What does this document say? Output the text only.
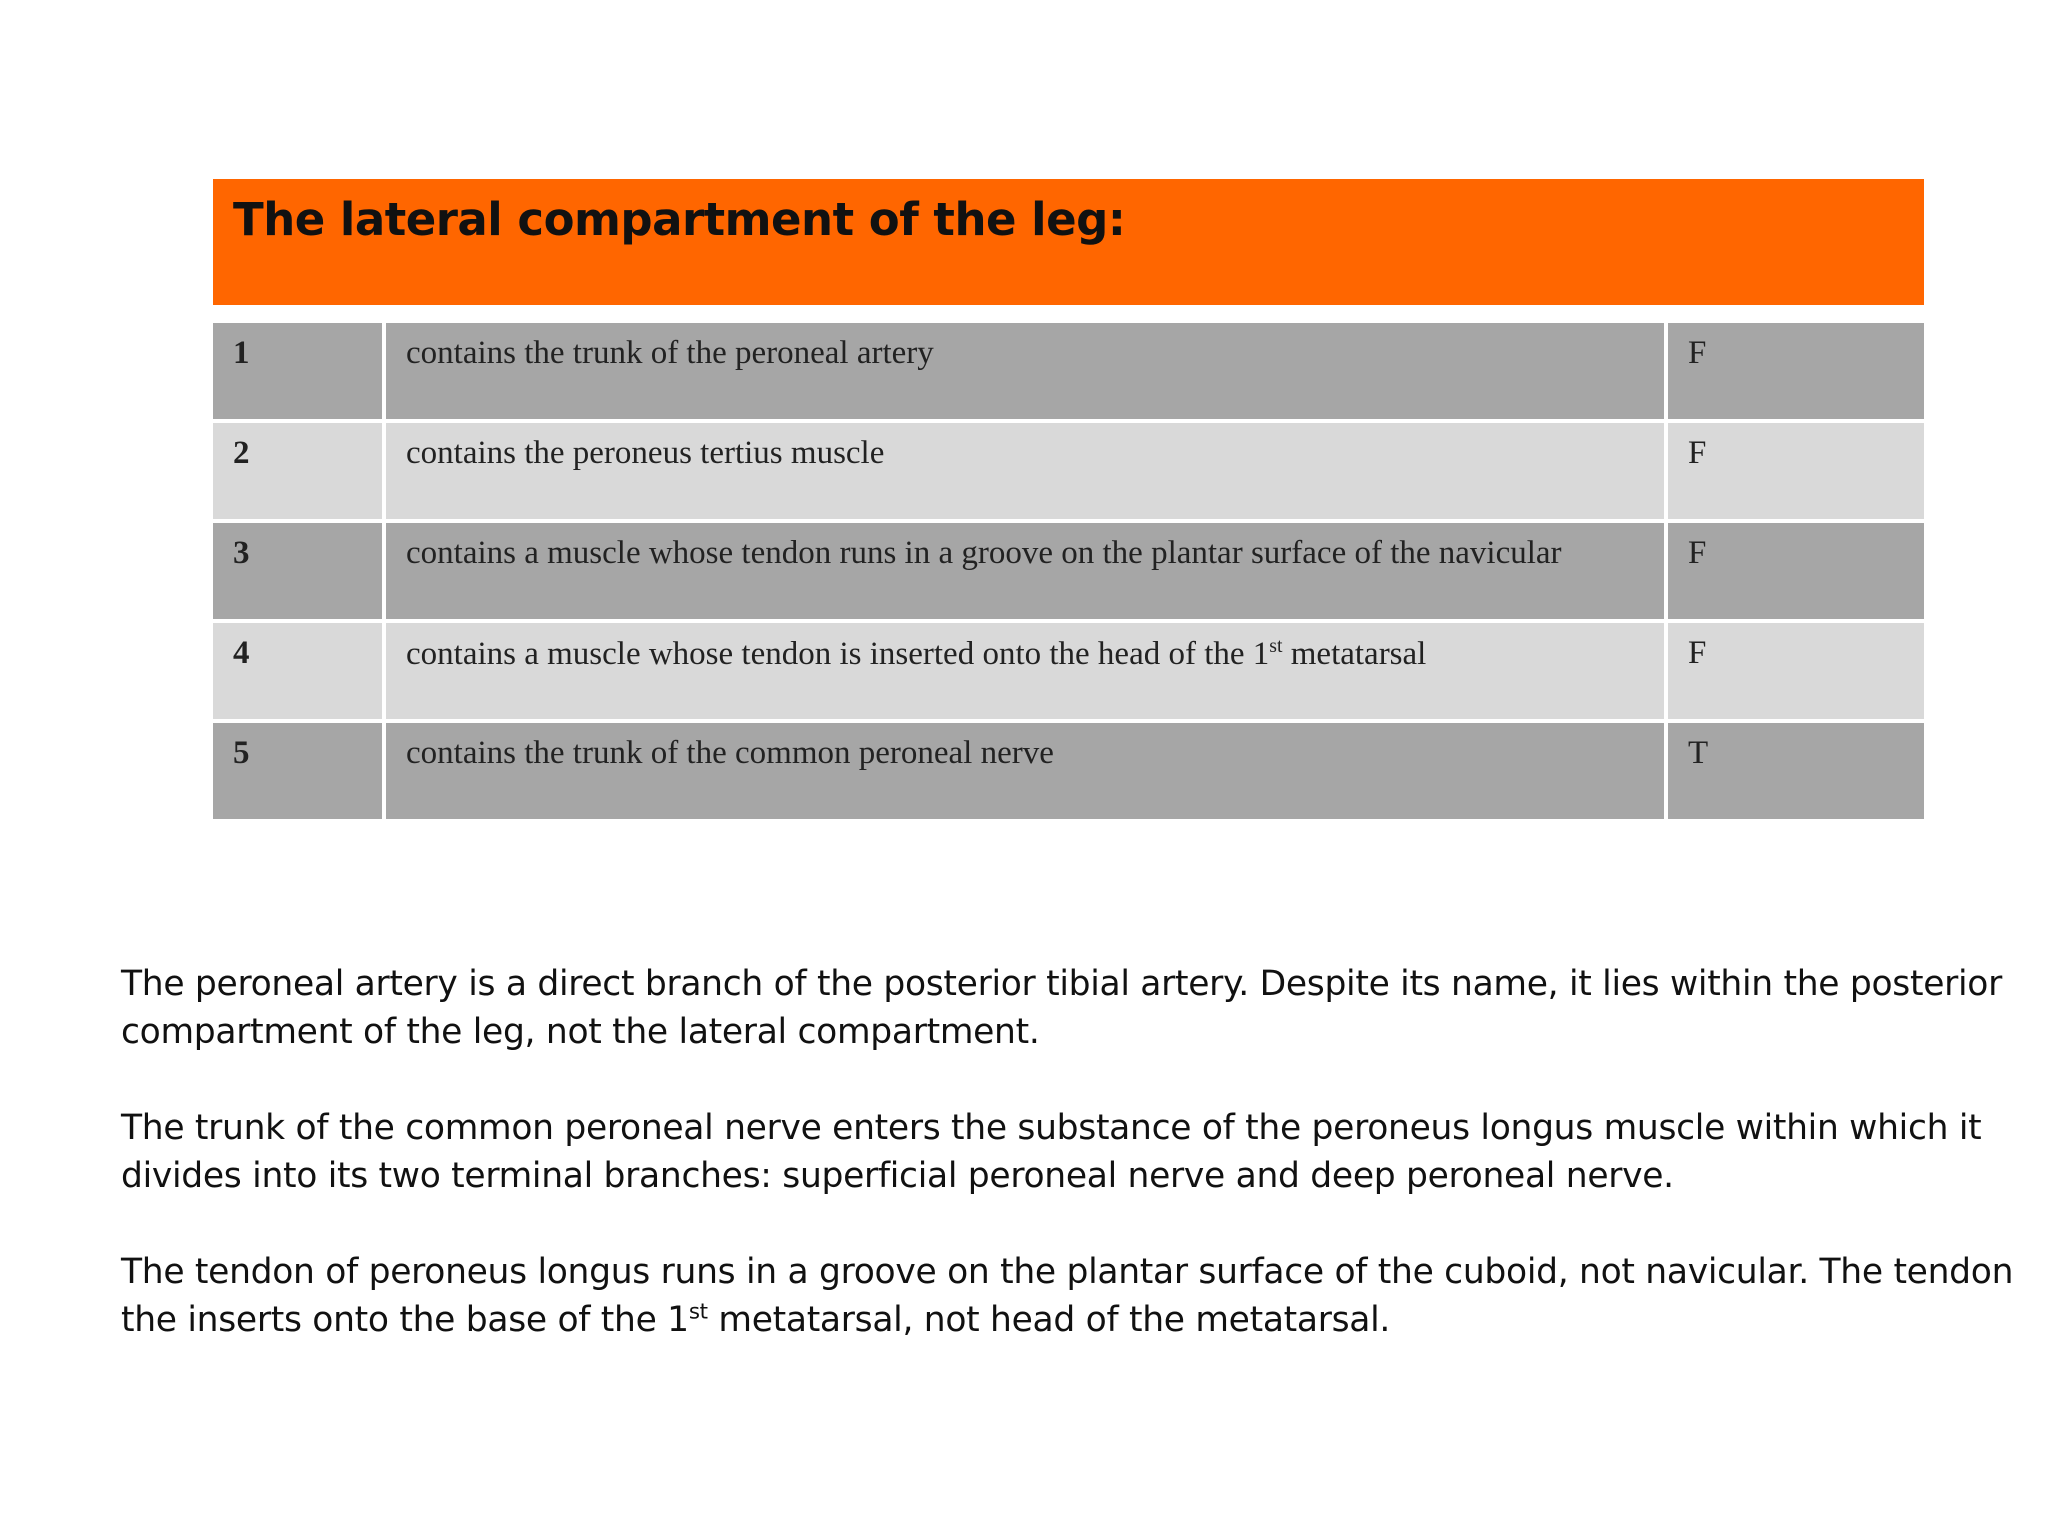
The lateral compartment of the leg:
1	contains the trunk of the peroneal artery	F
2	contains the peroneus tertius muscle	F
3	contains a muscle whose tendon runs in a groove on the plantar surface of the navicular	F
4	contains a muscle whose tendon is inserted onto the head of the 1st metatarsal	F
5	contains the trunk of the common peroneal nerve	T

The peroneal artery is a direct branch of the posterior tibial artery. Despite its name, it lies within the posterior compartment of the leg, not the lateral compartment.

The trunk of the common peroneal nerve enters the substance of the peroneus longus muscle within which it divides into its two terminal branches: superficial peroneal nerve and deep peroneal nerve.

The tendon of peroneus longus runs in a groove on the plantar surface of the cuboid, not navicular. The tendon the inserts onto the base of the 1st metatarsal, not head of the metatarsal.
